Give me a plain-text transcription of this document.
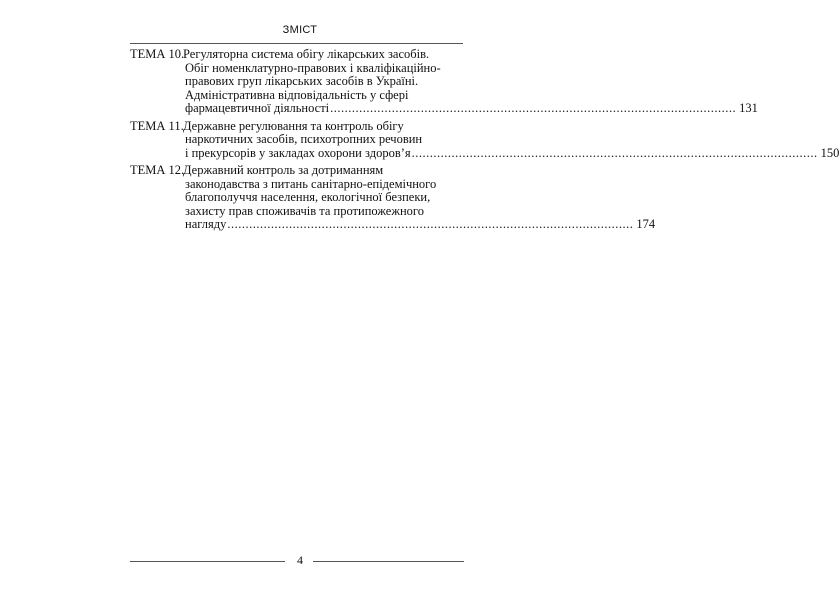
ЗМІСТ
ТЕМА 10.
Регуляторна система обігу лікарських засобів.
Обіг номенклатурно-правових і кваліфікаційно-
правових груп лікарських засобів в Україні.
Адміністративна відповідальність у сфері
фармацевтичної діяльності ................................................................................................................ 131
ТЕМА 11. Державне регулювання та контроль обігу
наркотичних засобів, психотропних речовин
і прекурсорів у закладах охорони здоров’я ................................................................................................................ 150
ТЕМА 12.
Державний контроль за дотриманням
законодавства з питань санітарно-епідемічного
благополуччя населення, екологічної безпеки,
захисту прав споживачів та протипожежного
нагляду ................................................................................................................ 174
4
